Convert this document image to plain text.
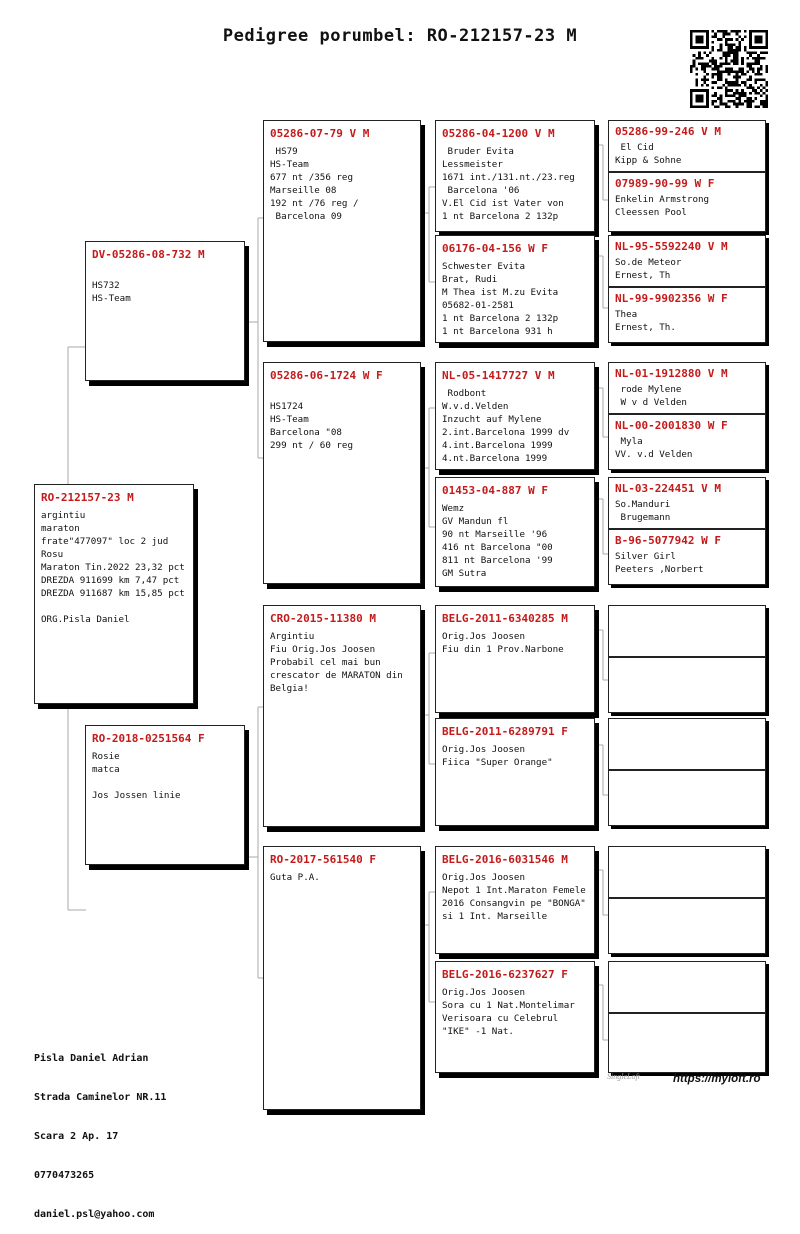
Pedigree porumbel: RO-212157-23 M
RO-212157-23 M
argintiu
maraton
frate"477097" loc 2 jud
Rosu
Maraton Tin.2022 23,32 pct
DREZDA 911699 km 7,47 pct
DREZDA 911687 km 15,85 pct
ORG.Pisla Daniel
DV-05286-08-732 M
HS732
HS-Team
RO-2018-0251564 F
Rosie
matca
Jos Jossen linie
05286-07-79 V M
HS79
HS-Team
677 nt /356 reg
Marseille 08
192 nt /76 reg /
Barcelona 09
05286-06-1724 W F
HS1724
HS-Team
Barcelona "08
299 nt / 60 reg
CRO-2015-11380 M
Argintiu
Fiu Orig.Jos Joosen
Probabil cel mai bun
crescator de MARATON din
Belgia!
RO-2017-561540 F
Guta P.A.
05286-04-1200 V M
Bruder Evita
Lessmeister
1671 int./131.nt./23.reg
Barcelona '06
V.El Cid ist Vater von
1 nt Barcelona 2 132p
06176-04-156 W F
Schwester Evita
Brat, Rudi
M Thea ist M.zu Evita
05682-01-2581
1 nt Barcelona 2 132p
1 nt Barcelona 931 h
NL-05-1417727 V M
Rodbont
W.v.d.Velden
Inzucht auf Mylene
2.int.Barcelona 1999 dv
4.int.Barcelona 1999
4.nt.Barcelona 1999
01453-04-887 W F
Wemz
GV Mandun fl
90 nt Marseille '96
416 nt Barcelona "00
811 nt Barcelona '99
GM Sutra
BELG-2011-6340285 M
Orig.Jos Joosen
Fiu din 1 Prov.Narbone
BELG-2011-6289791 F
Orig.Jos Joosen
Fiica "Super Orange"
BELG-2016-6031546 M
Orig.Jos Joosen
Nepot 1 Int.Maraton Femele
2016 Consangvin pe "BONGA"
si 1 Int. Marseille
BELG-2016-6237627 F
Orig.Jos Joosen
Sora cu 1 Nat.Montelimar
Verisoara cu Celebrul
"IKE" -1 Nat.
05286-99-246 V M
El Cid
Kipp & Sohne
07989-90-99 W F
Enkelin Armstrong
Cleessen Pool
NL-95-5592240 V M
So.de Meteor
Ernest, Th
NL-99-9902356 W F
Thea
Ernest, Th.
NL-01-1912880 V M
rode Mylene
W v d Velden
NL-00-2001830 W F
Myla
VV. v.d Velden
NL-03-224451 V M
So.Manduri
Brugemann
B-96-5077942 W F
Silver Girl
Peeters ,Norbert

Pisla Daniel Adrian

Strada Caminelor NR.11

Scara 2 Ap. 17

0770473265

daniel.psl@yahoo.com

SingleLoft	https://myloft.ro
